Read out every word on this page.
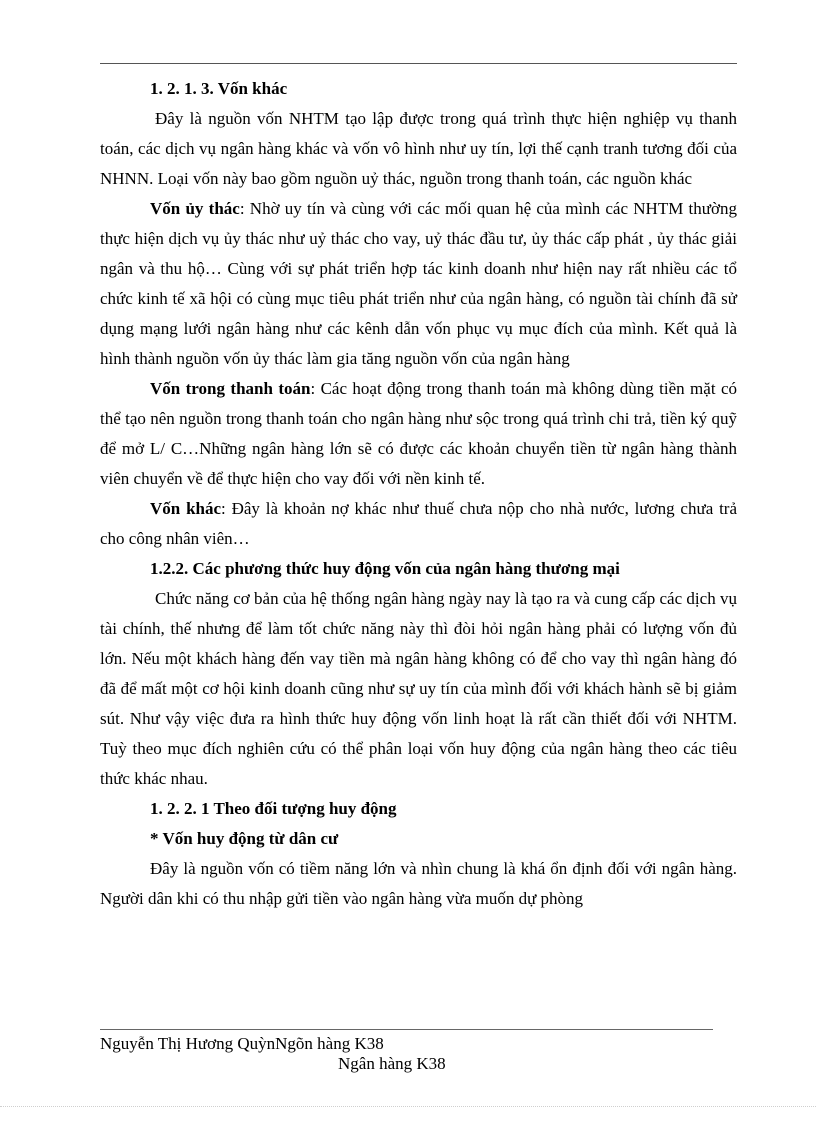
1. 2. 1. 3. Vốn khác

Đây là nguồn vốn NHTM tạo lập được trong quá trình thực hiện nghiệp vụ thanh toán, các dịch vụ ngân hàng khác và vốn vô hình như uy tín, lợi thế cạnh tranh tương đối của NHNN. Loại vốn này bao gồm nguồn uỷ thác, nguồn trong thanh toán, các nguồn khác

Vốn ủy thác: Nhờ uy tín và cùng với các mối quan hệ của mình các NHTM thường thực hiện dịch vụ ủy thác như uỷ thác cho vay, uỷ thác đầu tư, ủy thác cấp phát , ủy thác giải ngân và thu hộ… Cùng với sự phát triển hợp tác kinh doanh như hiện nay rất nhiều các tổ chức kinh tế xã hội có cùng mục tiêu phát triển như của ngân hàng, có nguồn tài chính đã sử dụng mạng lưới ngân hàng như các kênh dẫn vốn phục vụ mục đích của mình. Kết quả là hình thành nguồn vốn ủy thác làm gia tăng nguồn vốn của ngân hàng

Vốn trong thanh toán: Các hoạt động trong thanh toán mà không dùng tiền mặt có thể tạo nên nguồn trong thanh toán cho ngân hàng như sộc trong quá trình chi trả, tiền ký quỹ để mở L/ C…Những ngân hàng lớn sẽ có được các khoản chuyển tiền từ ngân hàng thành viên chuyển về để thực hiện cho vay đối với nền kinh tế.

Vốn khác: Đây là khoản nợ khác như thuế chưa nộp cho nhà nước, lương chưa trả cho công nhân viên…

1.2.2. Các phương thức huy động vốn của ngân hàng thương mại

Chức năng cơ bản của hệ thống ngân hàng ngày nay là tạo ra và cung cấp các dịch vụ tài chính, thế nhưng để làm tốt chức năng này thì đòi hỏi ngân hàng phải có lượng vốn đủ lớn. Nếu một khách hàng đến vay tiền mà ngân hàng không có để cho vay thì ngân hàng đó đã để mất một cơ hội kinh doanh cũng như sự uy tín của mình đối với khách hành sẽ bị giảm sút. Như vậy việc đưa ra hình thức huy động vốn linh hoạt là rất cần thiết đối với NHTM. Tuỳ theo mục đích nghiên cứu có thể phân loại vốn huy động của ngân hàng theo các tiêu thức khác nhau.

1. 2. 2. 1 Theo đối tượng huy động

* Vốn huy động từ dân cư

Đây là nguồn vốn có tiềm năng lớn và nhìn chung là khá ổn định đối với ngân hàng. Người dân khi có thu nhập gửi tiền vào ngân hàng vừa muốn dự phòng

Nguyễn Thị Hương QuỳnNgõn hàng K38
Ngân hàng K38
